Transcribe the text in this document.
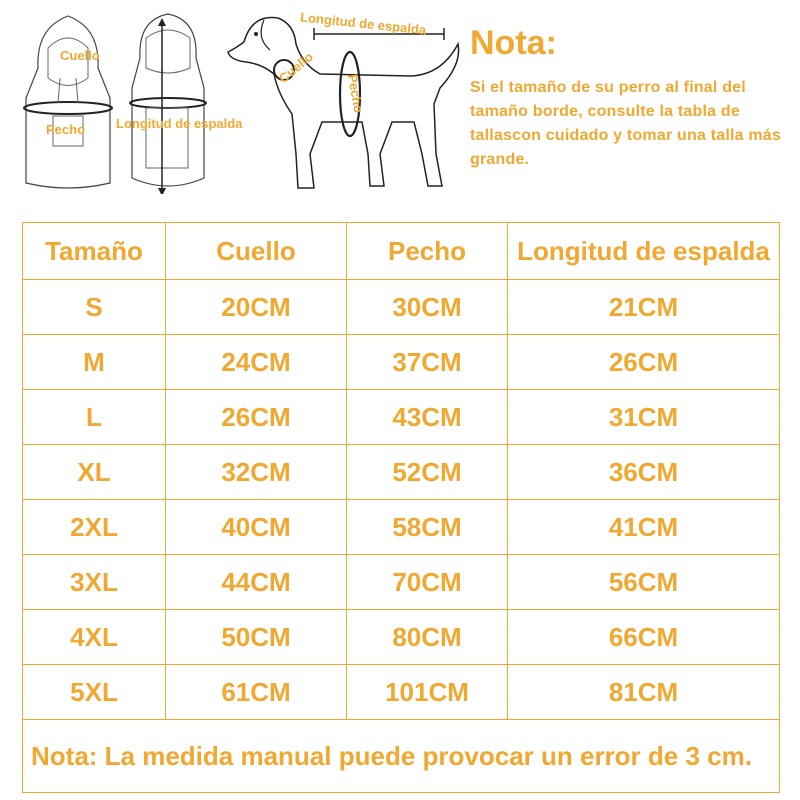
Cuello
Pecho Longitud de espalda
Longitud de espalda
Cuello
Pecho
Nota:
Si el tamaño de su perro al final del tamaño borde, consulte la tabla de tallascon cuidado y tomar una talla más grande.
Tamaño	Cuello	Pecho	Longitud de espalda
S	20CM	30CM	21CM
M	24CM	37CM	26CM
L	26CM	43CM	31CM
XL	32CM	52CM	36CM
2XL	40CM	58CM	41CM
3XL	44CM	70CM	56CM
4XL	50CM	80CM	66CM
5XL	61CM	101CM	81CM
Nota: La medida manual puede provocar un error de 3 cm.			
